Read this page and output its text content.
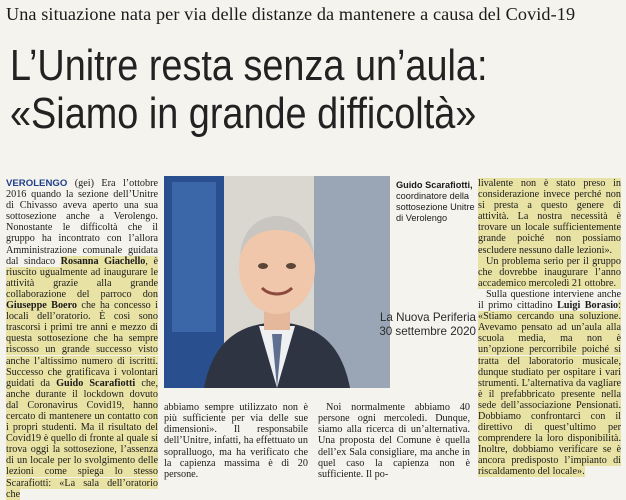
Una situazione nata per via delle distanze da mantenere a causa del Covid-19
L’Unitre resta senza un’aula:
«Siamo in grande difficoltà»

VEROLENGO (gei) Era l’ottobre 2016 quando la sezione dell’Unitre di Chivasso aveva aperto una sua sottosezione anche a Verolengo. Nonostante le difficoltà che il gruppo ha incontrato con l’allora Amministrazione comunale guidata dal sindaco Rosanna Giachello, è riuscito ugualmente ad inaugurare le attività grazie alla grande collaborazione del parroco don Giuseppe Boero che ha concesso i locali dell’oratorio. È così sono trascorsi i primi tre anni e mezzo di questa sottosezione che ha sempre riscosso un grande successo visto anche l’altissimo numero di iscritti. Successo che gratificava i volontari guidati da Guido Scarafiotti che, anche durante il lockdown dovuto dal Coronavirus Covid19, hanno cercato di mantenere un contatto con i propri studenti. Ma il risultato del Covid19 è quello di fronte al quale si trova oggi la sottosezione, l’assenza di un locale per lo svolgimento delle lezioni come spiega lo stesso Scarafiotti: «La sala dell’oratorio che

Guido Scarafiotti,
coordinatore della sottosezione Unitre di Verolengo
La Nuova Periferia
30 settembre 2020

abbiamo sempre utilizzato non è più sufficiente per via delle sue dimensioni». Il responsabile dell’Unitre, infatti, ha effettuato un sopralluogo, ma ha verificato che la capienza massima è di 20 persone.

Noi normalmente abbiamo 40 persone ogni mercoledì. Dunque, siamo alla ricerca di un’alternativa. Una proposta del Comune è quella dell’ex Sala consigliare, ma anche in quel caso la capienza non è sufficiente. Il po-

livalente non è stato preso in considerazione invece perché non si presta a questo genere di attività. La nostra necessità è trovare un locale sufficientemente grande poiché non possiamo escludere nessuno dalle lezioni».

Un problema serio per il gruppo che dovrebbe inaugurare l’anno accademico mercoledì 21 ottobre.

Sulla questione interviene anche il primo cittadino Luigi Borasio: «Stiamo cercando una soluzione. Avevamo pensato ad un’aula alla scuola media, ma non è un’opzione percorribile poiché si tratta del laboratorio musicale, dunque studiato per ospitare i vari strumenti. L’alternativa da vagliare è il prefabbricato presente nella sede dell’associazione Pensionati. Dobbiamo confrontarci con il direttivo di quest’ultimo per comprendere la loro disponibilità. Inoltre, dobbiamo verificare se è ancora predisposto l’impianto di riscaldamento del locale».
